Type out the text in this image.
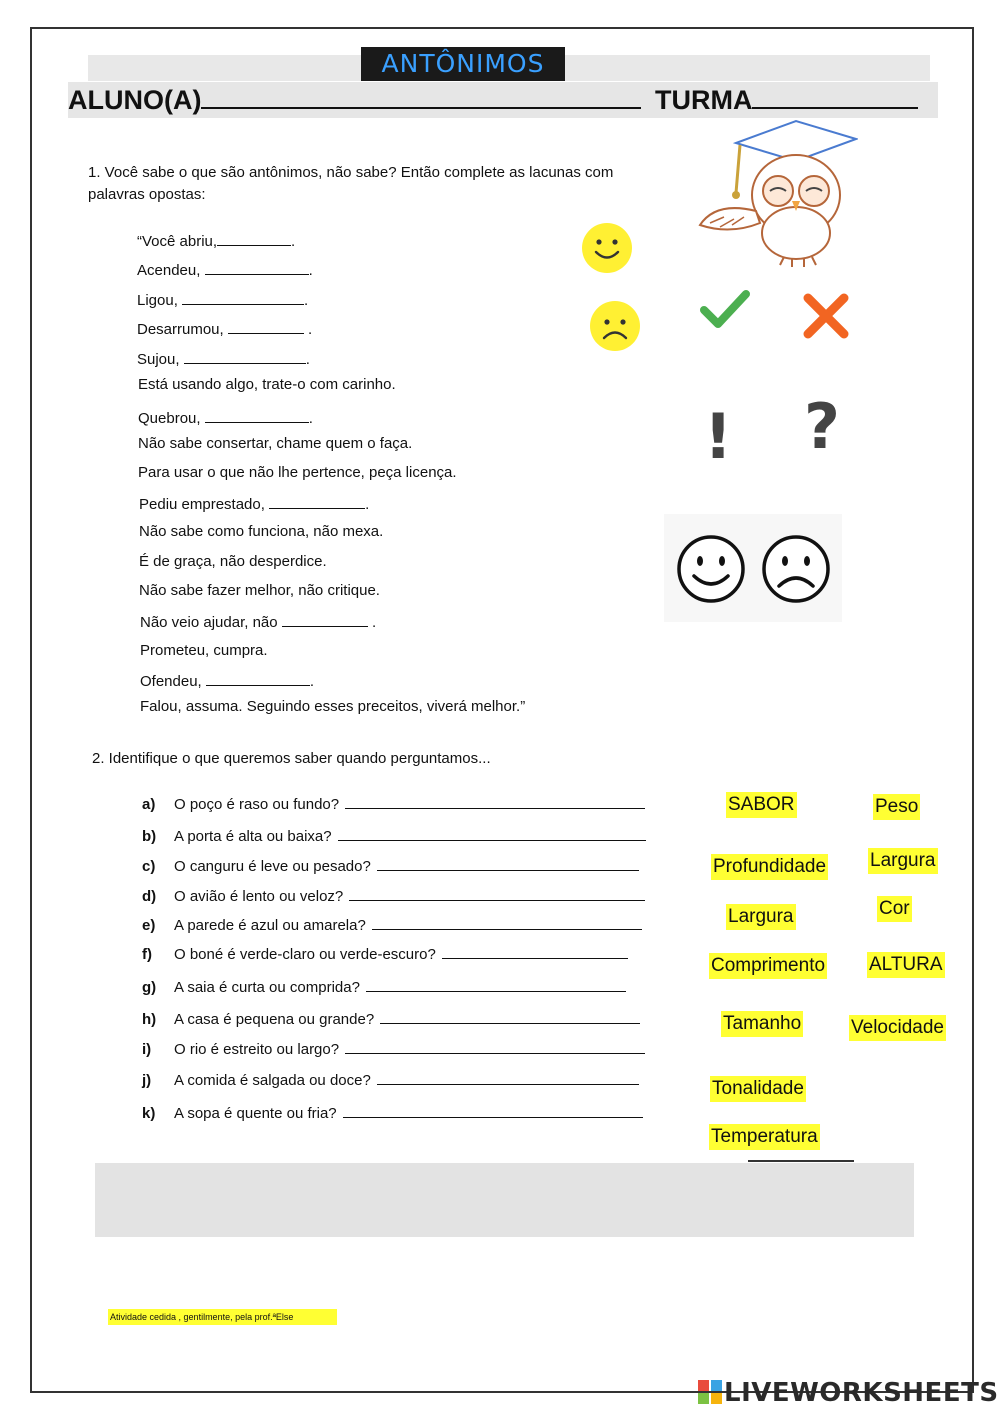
ANTÔNIMOS
ALUNO(A)	TURMA
1. Você sabe o que são antônimos, não sabe? Então complete as lacunas com palavras opostas:
“Você abriu,	.
Acendeu,	.
Ligou,	.
Desarrumou,	.
Sujou,	.
Está usando algo, trate-o com carinho.
Quebrou,	.
Não sabe consertar, chame quem o faça.
Para usar o que não lhe pertence, peça licença.
Pediu emprestado,	.
Não sabe como funciona, não mexa.
É de graça, não desperdice.
Não sabe fazer melhor, não critique.
Não veio ajudar, não	.
Prometeu, cumpra.
Ofendeu,	.
Falou, assuma. Seguindo esses preceitos, viverá melhor.”
! ?
2. Identifique o que queremos saber quando perguntamos...
a)	O poço é raso ou fundo?
b)	A porta é alta ou baixa?
c)	O canguru é leve ou pesado?
d)	O avião é lento ou veloz?
e)	A parede é azul ou amarela?
f)	O boné é verde-claro ou verde-escuro?
g)	A saia é curta ou comprida?
h)	A casa é pequena ou grande?
i)	O rio é estreito ou largo?
j)	A comida é salgada ou doce?
k)	A sopa é quente ou fria?
SABOR	Peso
Profundidade Largura
Largura	Cor
Comprimento ALTURA
Tamanho	Velocidade
Tonalidade
Temperatura
Atividade cedida , gentilmente, pela prof.ªElse
LIVEWORKSHEETS
